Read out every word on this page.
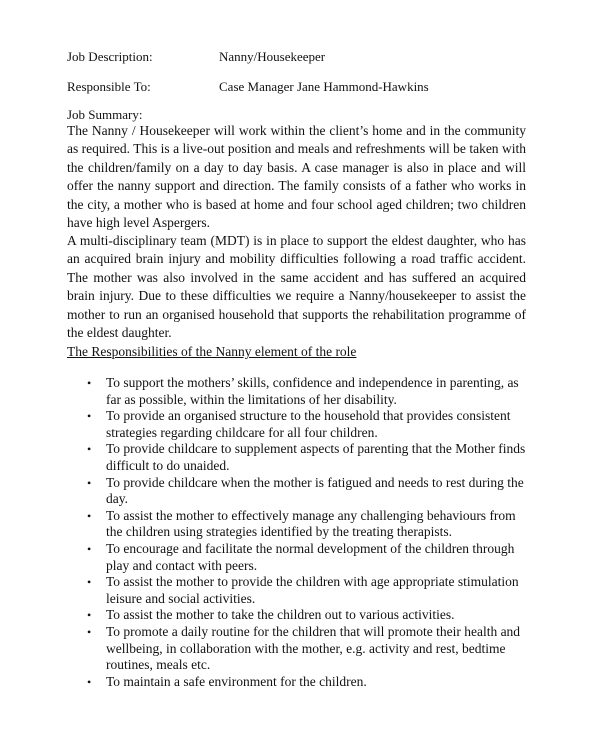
Job Description:	Nanny/Housekeeper
Responsible To:	Case Manager Jane Hammond-Hawkins
Job Summary:

The Nanny / Housekeeper will work within the client’s home and in the community as required. This is a live-out position and meals and refreshments will be taken with the children/family on a day to day basis. A case manager is also in place and will offer the nanny support and direction. The family consists of a father who works in the city, a mother who is based at home and four school aged children; two children have high level Aspergers.

A multi-disciplinary team (MDT) is in place to support the eldest daughter, who has an acquired brain injury and mobility difficulties following a road traffic accident. The mother was also involved in the same accident and has suffered an acquired brain injury. Due to these difficulties we require a Nanny/housekeeper to assist the mother to run an organised household that supports the rehabilitation programme of the eldest daughter.

The Responsibilities of the Nanny element of the role
• To support the mothers’ skills, confidence and independence in parenting, as far as possible, within the limitations of her disability.
• To provide an organised structure to the household that provides consistent strategies regarding childcare for all four children.
• To provide childcare to supplement aspects of parenting that the Mother finds difficult to do unaided.
• To provide childcare when the mother is fatigued and needs to rest during the day.
• To assist the mother to effectively manage any challenging behaviours from the children using strategies identified by the treating therapists.
• To encourage and facilitate the normal development of the children through play and contact with peers.
• To assist the mother to provide the children with age appropriate stimulation leisure and social activities.
• To assist the mother to take the children out to various activities.
• To promote a daily routine for the children that will promote their health and wellbeing, in collaboration with the mother, e.g. activity and rest, bedtime routines, meals etc.
• To maintain a safe environment for the children.
